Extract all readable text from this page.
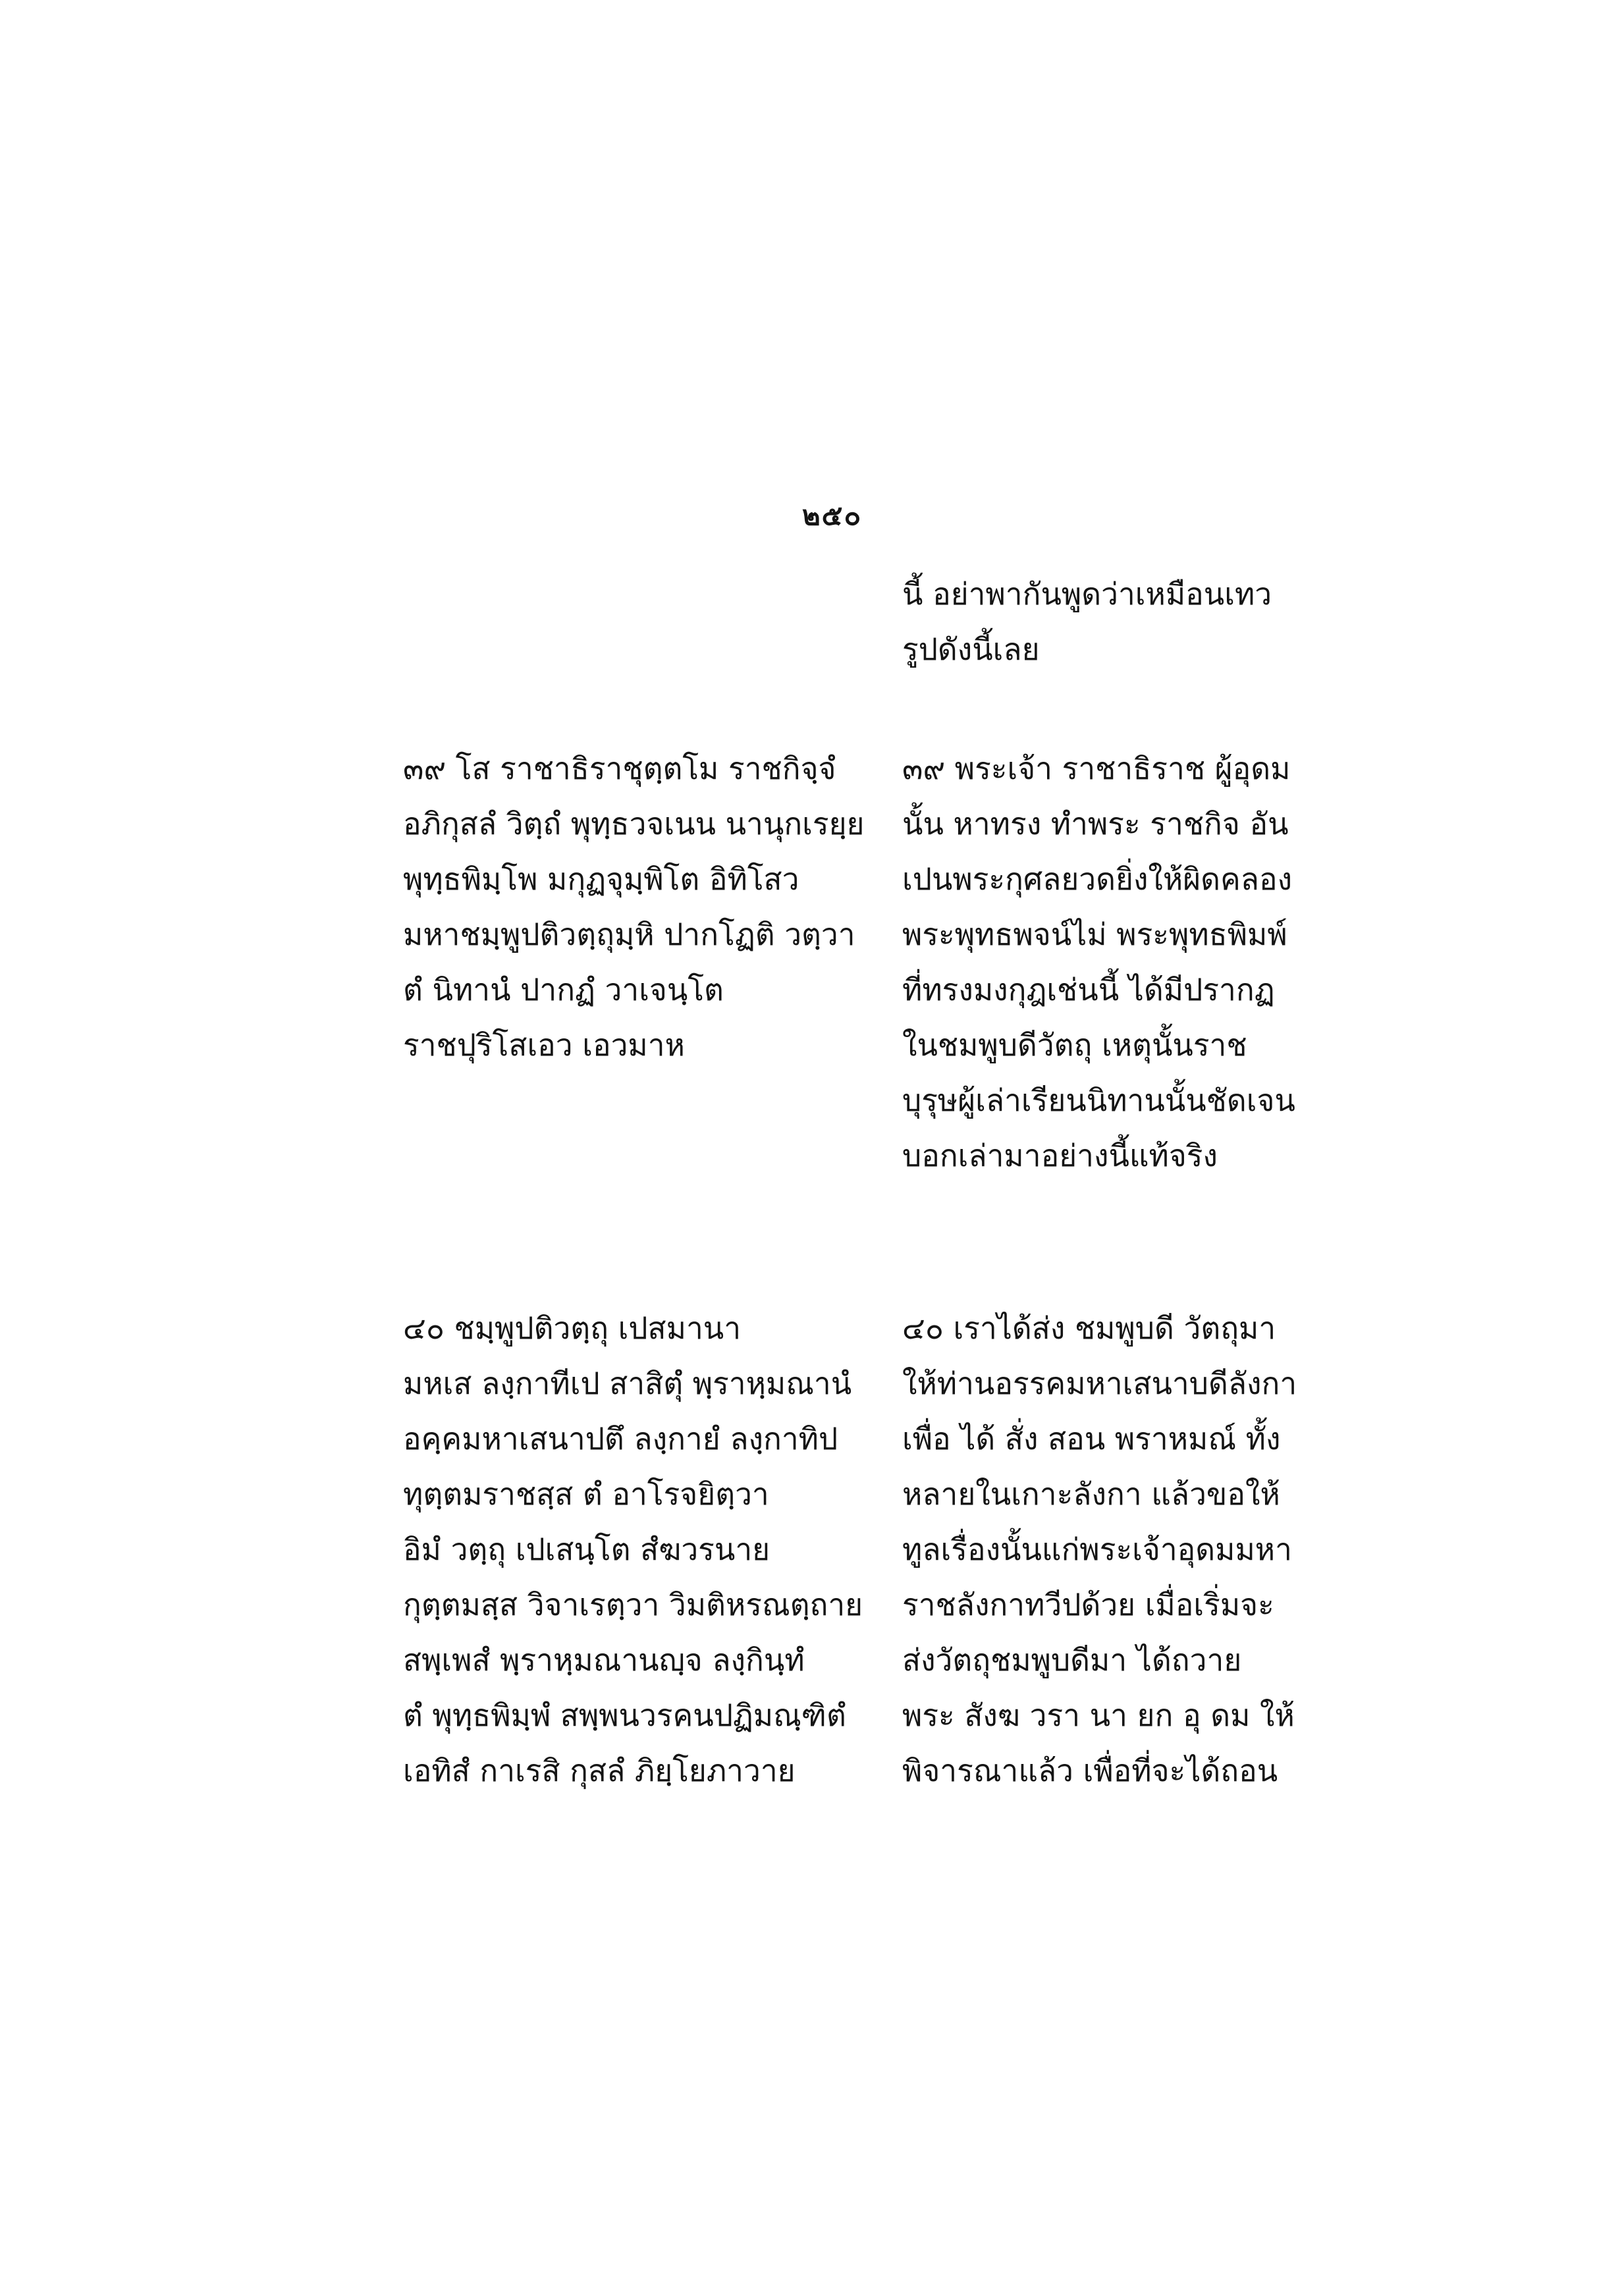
๒๕๐
นี้ อย่าพากันพูดว่าเหมือนเทว
รูปดังนี้เลย
๓๙ โส ราชาธิราชุตฺตโม ราชกิจฺจํ
อภิกุสลํ วิตฺถํ พุทฺธวจเนน นานุกเรยฺย
พุทฺธพิมฺโพ มกุฏจุมฺพิโต อิทิโสว
มหาชมฺพูปติวตฺถุมฺหิ ปากโฏติ วตฺวา
ตํ นิทานํ ปากฏํ วาเจนฺโต
ราชปุริโสเอว เอวมาห
๓๙ พระเจ้า ราชาธิราช ผู้อุดม
นั้น หาทรง ทำพระ ราชกิจ อัน
เปนพระกุศลยวดยิ่งให้ผิดคลอง
พระพุทธพจน์ไม่ พระพุทธพิมพ์
ที่ทรงมงกุฎเช่นนี้ ได้มีปรากฏ
ในชมพูบดีวัตถุ เหตุนั้นราช
บุรุษผู้เล่าเรียนนิทานนั้นชัดเจน
บอกเล่ามาอย่างนี้แท้จริง
๔๐ ชมฺพูปติวตฺถุ เปสมานา
มหเส ลงฺกาทีเป สาสิตุํ พฺราหฺมณานํ
อคฺคมหาเสนาปตึ ลงฺกายํ ลงฺกาทิป
ทุตฺตมราชสฺส ตํ อาโรจยิตฺวา
อิมํ วตฺถุ เปเสนฺโต สํฆวรนาย
กุตฺตมสฺส วิจาเรตฺวา วิมติหรณตฺถาย
สพฺเพสํ พฺราหฺมณานญฺจ ลงฺกินฺทํ
ตํ พุทฺธพิมฺพํ สพฺพนวรคนปฏิมณฺฑิตํ
เอทิสํ กาเรสิ กุสลํ ภิยฺโยภาวาย
๔๐ เราได้ส่ง ชมพูบดี วัตถุมา
ให้ท่านอรรคมหาเสนาบดีลังกา
เพื่อ ได้ สั่ง สอน พราหมณ์ ทั้ง
หลายในเกาะลังกา แล้วขอให้
ทูลเรื่องนั้นแก่พระเจ้าอุดมมหา
ราชลังกาทวีปด้วย เมื่อเริ่มจะ
ส่งวัตถุชมพูบดีมา ได้ถวาย
พระ สังฆ วรา นา ยก อุ ดม ให้
พิจารณาแล้ว เพื่อที่จะได้ถอน
